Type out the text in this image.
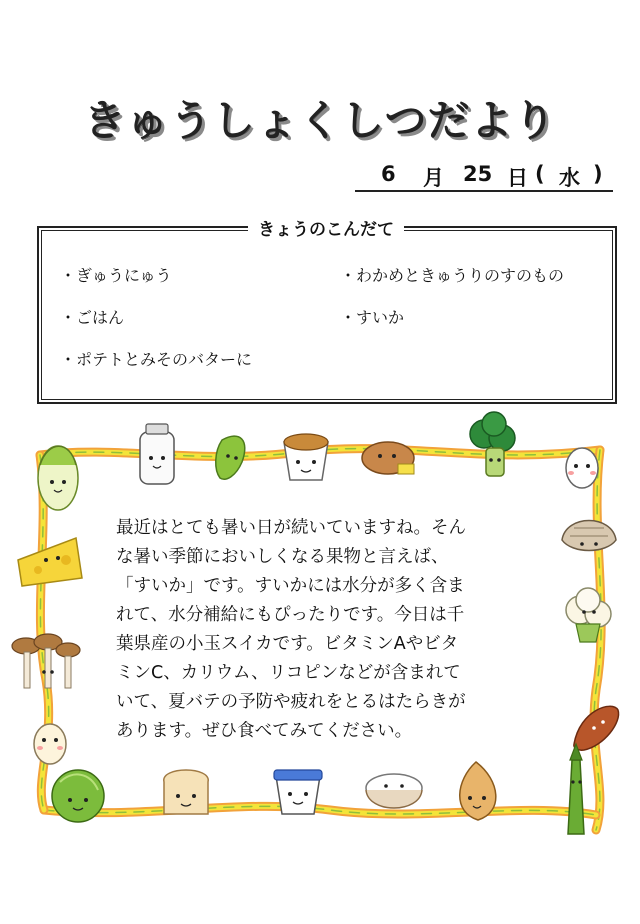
きゅうしょくしつだより
6 月 25 日 ( 水 )
きょうのこんだて
・ぎゅうにゅう	・わかめときゅうりのすのもの
・ごはん	・すいか
・ポテトとみそのバターに
最近はとても暑い日が続いていますね。そん
な暑い季節においしくなる果物と言えば、
「すいか」です。すいかには水分が多く含ま
れて、水分補給にもぴったりです。今日は千
葉県産の小玉スイカです。ビタミンAやビタ
ミンC、カリウム、リコピンなどが含まれて
いて、夏バテの予防や疲れをとるはたらきが
あります。ぜひ食べてみてください。
